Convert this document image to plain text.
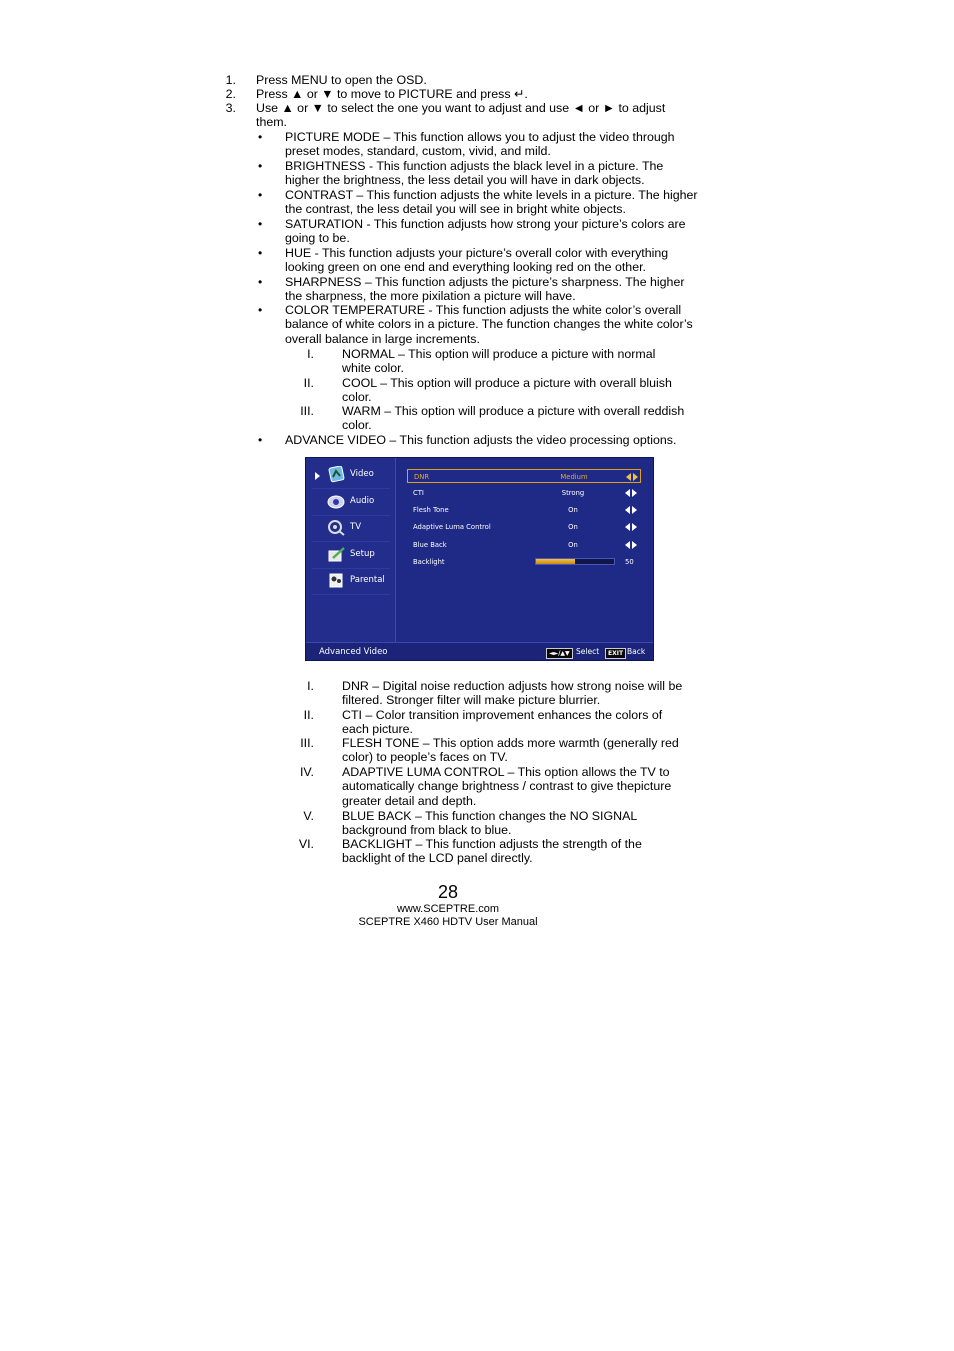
1. Press MENU to open the OSD.
2. Press ▲ or ▼ to move to PICTURE and press ↵.
3. Use ▲ or ▼ to select the one you want to adjust and use ◄ or ► to adjust them.
• PICTURE MODE – This function allows you to adjust the video through preset modes, standard, custom, vivid, and mild.
• BRIGHTNESS - This function adjusts the black level in a picture. The higher the brightness, the less detail you will have in dark objects.
• CONTRAST – This function adjusts the white levels in a picture. The higher the contrast, the less detail you will see in bright white objects.
• SATURATION - This function adjusts how strong your picture’s colors are going to be.
• HUE - This function adjusts your picture’s overall color with everything looking green on one end and everything looking red on the other.
• SHARPNESS – This function adjusts the picture’s sharpness. The higher the sharpness, the more pixilation a picture will have.
• COLOR TEMPERATURE - This function adjusts the white color’s overall balance of white colors in a picture. The function changes the white color’s overall balance in large increments.
I. NORMAL – This option will produce a picture with normal white color.
II. COOL – This option will produce a picture with overall bluish color.
III. WARM – This option will produce a picture with overall reddish color.
• ADVANCE VIDEO – This function adjusts the video processing options.
Video
Audio
TV
Setup
Parental
DNR	Medium
CTI	Strong
Flesh Tone	On
Adaptive Luma Control	On
Blue Back	On
Backlight	50
Advanced Video	◄►/▲▼ Select	EXIT Back
I. DNR – Digital noise reduction adjusts how strong noise will be filtered. Stronger filter will make picture blurrier.
II. CTI – Color transition improvement enhances the colors of each picture.
III. FLESH TONE – This option adds more warmth (generally red color) to people’s faces on TV.
IV. ADAPTIVE LUMA CONTROL – This option allows the TV to automatically change brightness / contrast to give thepicture greater detail and depth.
V. BLUE BACK – This function changes the NO SIGNAL background from black to blue.
VI. BACKLIGHT – This function adjusts the strength of the backlight of the LCD panel directly.
28
www.SCEPTRE.com
SCEPTRE X460 HDTV User Manual
